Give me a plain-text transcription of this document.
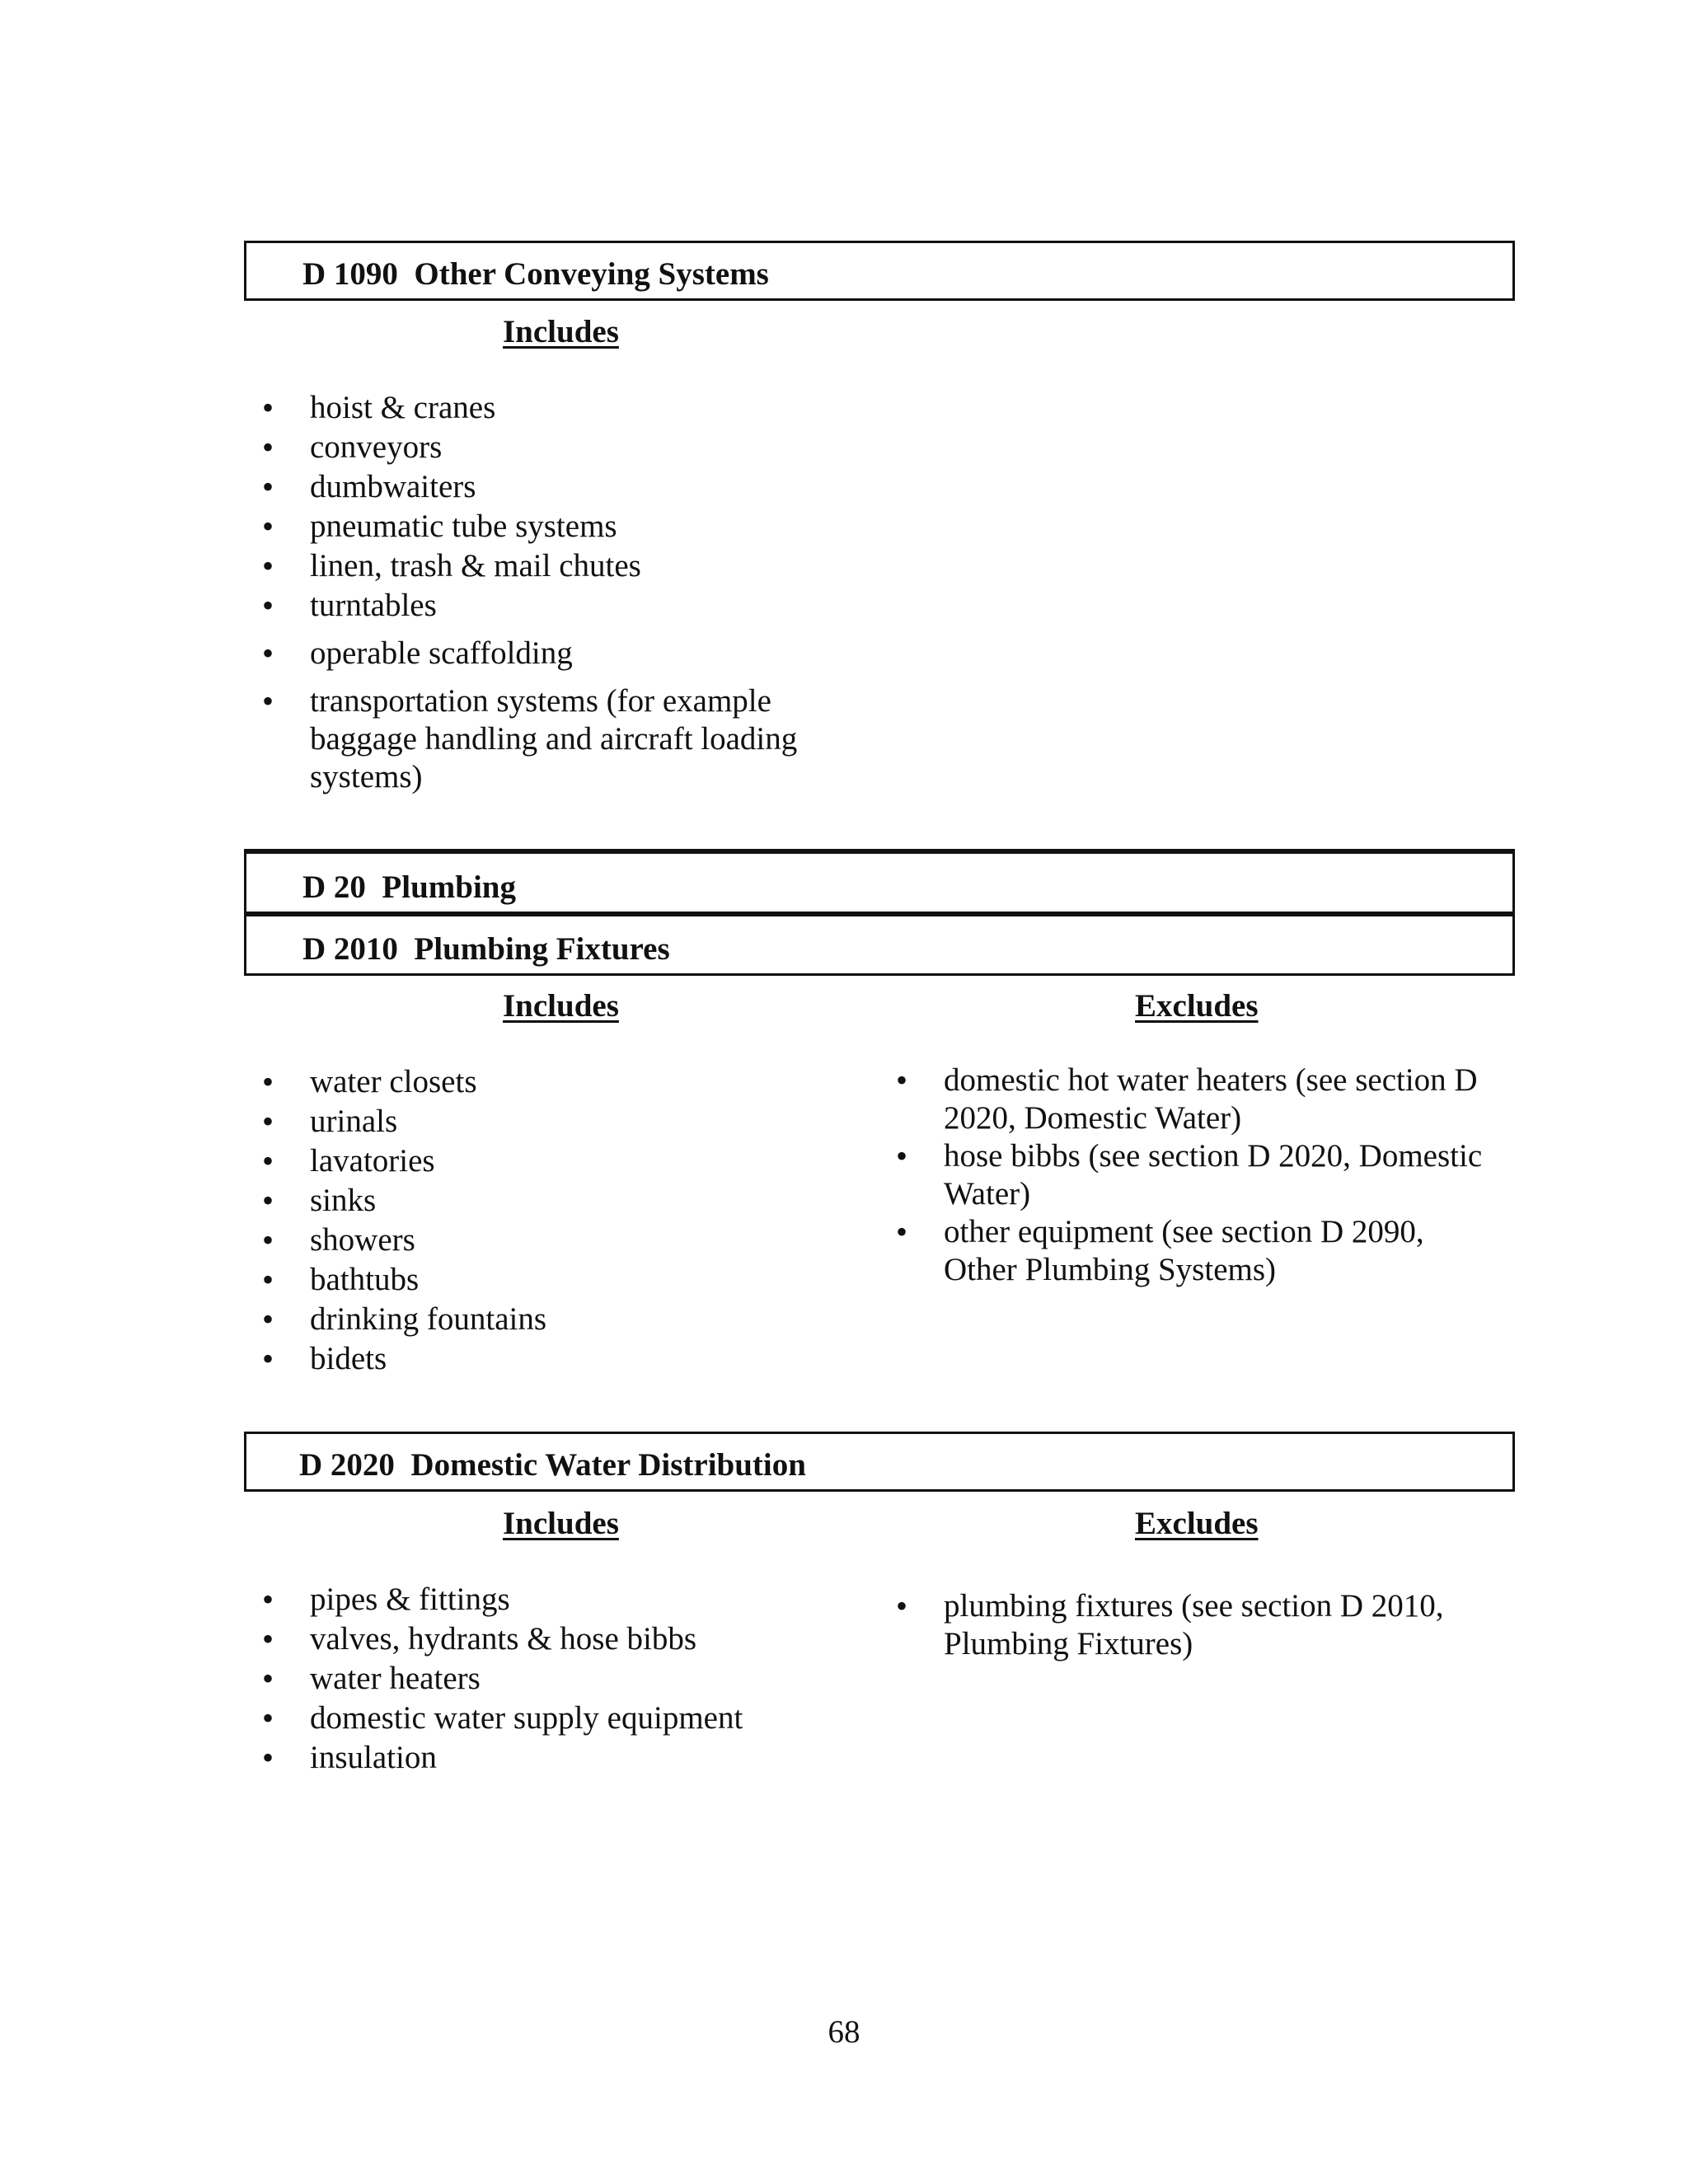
D 1090  Other Conveying Systems
Includes
• hoist & cranes
• conveyors
• dumbwaiters
• pneumatic tube systems
• linen, trash & mail chutes
• turntables
• operable scaffolding
• transportation systems (for example baggage handling and aircraft loading systems)
D 20  Plumbing
D 2010  Plumbing Fixtures
Includes	Excludes
• water closets
• urinals
• lavatories
• sinks
• showers
• bathtubs
• drinking fountains
• bidets
• domestic hot water heaters (see section D 2020, Domestic Water)
• hose bibbs (see section D 2020, Domestic Water)
• other equipment (see section D 2090, Other Plumbing Systems)
D 2020  Domestic Water Distribution
Includes	Excludes
• pipes & fittings
• valves, hydrants & hose bibbs
• water heaters
• domestic water supply equipment
• insulation
• plumbing fixtures (see section D 2010, Plumbing Fixtures)
68
